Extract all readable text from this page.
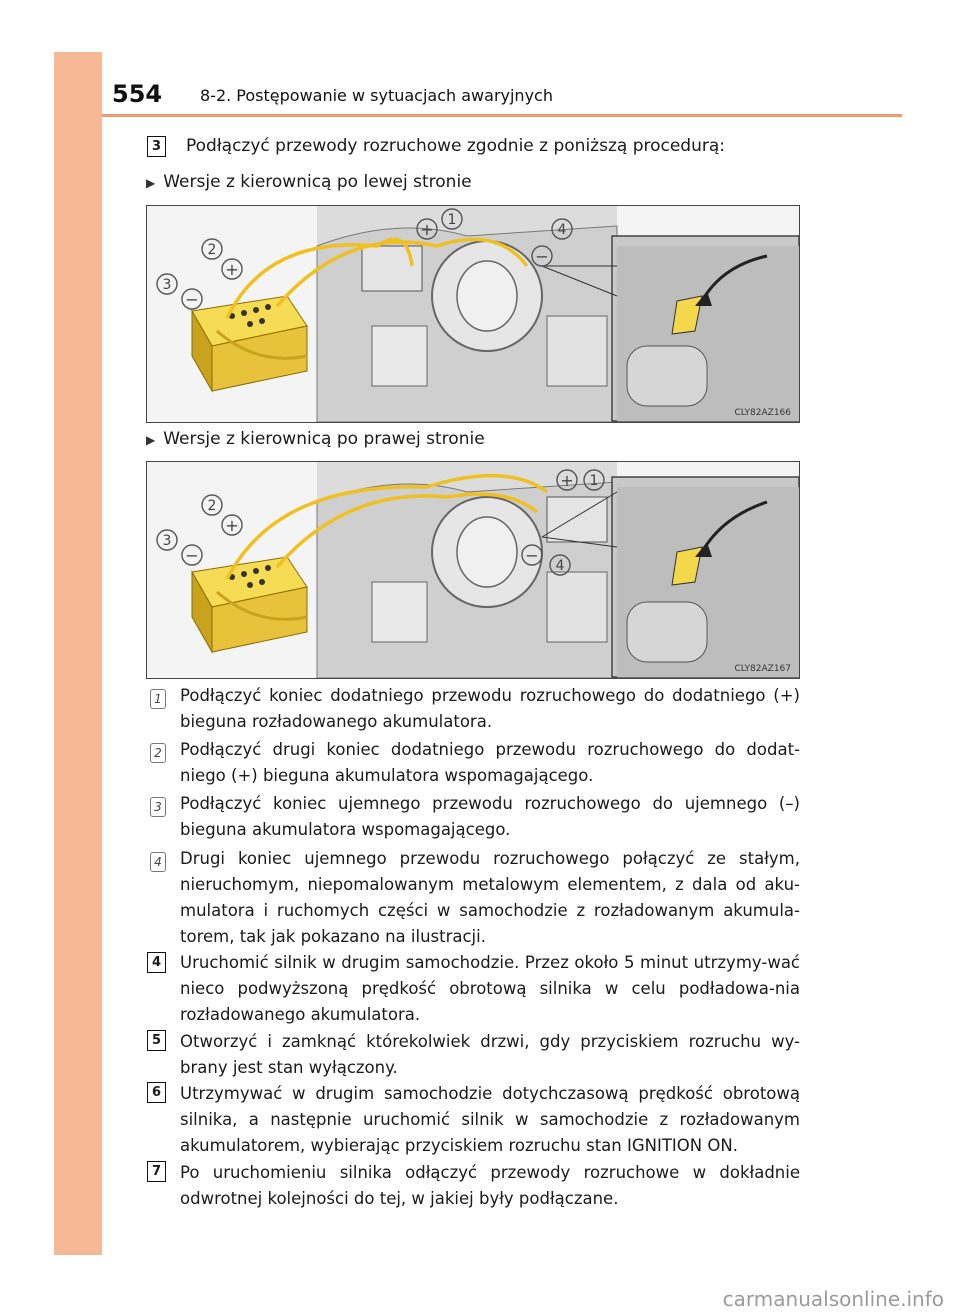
554 8-2. Postępowanie w sytuacjach awaryjnych
3 Podłączyć przewody rozruchowe zgodnie z poniższą procedurą:
▶ Wersje z kierownicą po lewej stronie
1
2
3
4
+
+
−
−
CLY82AZ166
▶ Wersje z kierownicą po prawej stronie
1
2
3
4
+
+
−	−
CLY82AZ167
1 Podłączyć koniec dodatniego przewodu rozruchowego do dodatniego (+) bieguna rozładowanego akumulatora.
2 Podłączyć drugi koniec dodatniego przewodu rozruchowego do dodat-niego (+) bieguna akumulatora wspomagającego.
3 Podłączyć koniec ujemnego przewodu rozruchowego do ujemnego (–) bieguna akumulatora wspomagającego.
4 Drugi koniec ujemnego przewodu rozruchowego połączyć ze stałym, nieruchomym, niepomalowanym metalowym elementem, z dala od aku-mulatora i ruchomych części w samochodzie z rozładowanym akumula-torem, tak jak pokazano na ilustracji.
4	Uruchomić silnik w drugim samochodzie. Przez około 5 minut utrzymy-wać nieco podwyższoną prędkość obrotową silnika w celu podładowa-nia rozładowanego akumulatora.
5	Otworzyć i zamknąć którekolwiek drzwi, gdy przyciskiem rozruchu wy-brany jest stan wyłączony.
6	Utrzymywać w drugim samochodzie dotychczasową prędkość obrotową silnika, a następnie uruchomić silnik w samochodzie z rozładowanym akumulatorem, wybierając przyciskiem rozruchu stan IGNITION ON.
7	Po uruchomieniu silnika odłączyć przewody rozruchowe w dokładnie odwrotnej kolejności do tej, w jakiej były podłączane.
carmanualsonline.info
